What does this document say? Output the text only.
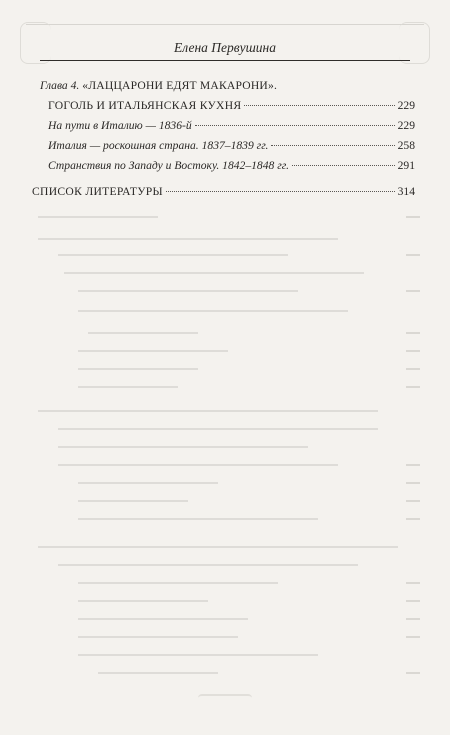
Елена Первушина
Глава 4. «ЛАЦЦАРОНИ ЕДЯТ МАКАРОНИ».
ГОГОЛЬ И ИТАЛЬЯНСКАЯ КУХНЯ	229
На пути в Италию — 1836-й	229
Италия — роскошная страна. 1837–1839 гг.	258
Странствия по Западу и Востоку. 1842–1848 гг.	291
СПИСОК ЛИТЕРАТУРЫ	314
